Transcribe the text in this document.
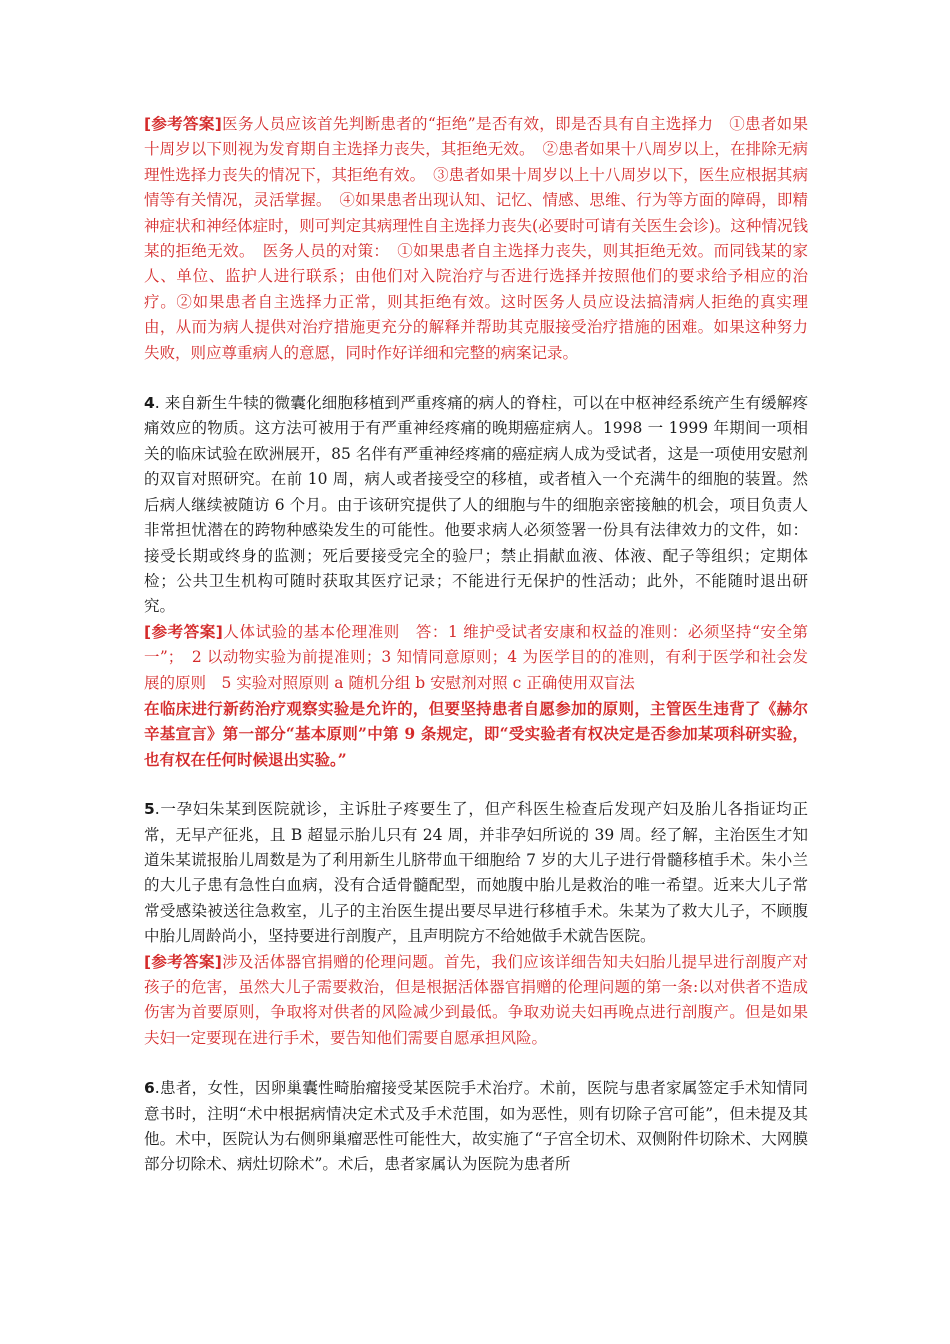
[参考答案]医务人员应该首先判断患者的“拒绝”是否有效，即是否具有自主选择力　①患者如果十周岁以下则视为发育期自主选择力丧失，其拒绝无效。　②患者如果十八周岁以上，在排除无病理性选择力丧失的情况下，其拒绝有效。　③患者如果十周岁以上十八周岁以下，医生应根据其病情等有关情况，灵活掌握。　④如果患者出现认知、记忆、情感、思维、行为等方面的障碍，即精神症状和神经体症时，则可判定其病理性自主选择力丧失(必要时可请有关医生会诊)。这种情况钱某的拒绝无效。　医务人员的对策：　①如果患者自主选择力丧失，则其拒绝无效。而同钱某的家人、单位、监护人进行联系；由他们对入院治疗与否进行选择并按照他们的要求给予相应的治疗。②如果患者自主选择力正常，则其拒绝有效。这时医务人员应设法搞清病人拒绝的真实理由，从而为病人提供对治疗措施更充分的解释并帮助其克服接受治疗措施的困难。如果这种努力失败，则应尊重病人的意愿，同时作好详细和完整的病案记录。

4. 来自新生牛犊的微囊化细胞移植到严重疼痛的病人的脊柱，可以在中枢神经系统产生有缓解疼痛效应的物质。这方法可被用于有严重神经疼痛的晚期癌症病人。1998 一 1999 年期间一项相关的临床试验在欧洲展开，85 名伴有严重神经疼痛的癌症病人成为受试者，这是一项使用安慰剂的双盲对照研究。在前 10 周，病人或者接受空的移植，或者植入一个充满牛的细胞的装置。然后病人继续被随访 6 个月。由于该研究提供了人的细胞与牛的细胞亲密接触的机会，项目负责人非常担忧潜在的跨物种感染发生的可能性。他要求病人必须签署一份具有法律效力的文件，如：接受长期或终身的监测；死后要接受完全的验尸；禁止捐献血液、体液、配子等组织；定期体检；公共卫生机构可随时获取其医疗记录；不能进行无保护的性活动；此外，不能随时退出研究。

[参考答案]人体试验的基本伦理准则　答：1 维护受试者安康和权益的准则：必须坚持“安全第一”；　2 以动物实验为前提准则；3 知情同意原则；4 为医学目的的准则，有利于医学和社会发展的原则　5 实验对照原则 a 随机分组 b 安慰剂对照 c 正确使用双盲法

在临床进行新药治疗观察实验是允许的，但要坚持患者自愿参加的原则，主管医生违背了《赫尔辛基宣言》第一部分“基本原则”中第 9 条规定，即“受实验者有权决定是否参加某项科研实验，也有权在任何时候退出实验。”

5.一孕妇朱某到医院就诊，主诉肚子疼要生了，但产科医生检查后发现产妇及胎儿各指证均正常，无早产征兆，且 B 超显示胎儿只有 24 周，并非孕妇所说的 39 周。经了解，主治医生才知道朱某谎报胎儿周数是为了利用新生儿脐带血干细胞给 7 岁的大儿子进行骨髓移植手术。朱小兰的大儿子患有急性白血病，没有合适骨髓配型，而她腹中胎儿是救治的唯一希望。近来大儿子常常受感染被送往急救室，儿子的主治医生提出要尽早进行移植手术。朱某为了救大儿子，不顾腹中胎儿周龄尚小，坚持要进行剖腹产，且声明院方不给她做手术就告医院。

[参考答案]涉及活体器官捐赠的伦理问题。首先，我们应该详细告知夫妇胎儿提早进行剖腹产对孩子的危害，虽然大儿子需要救治，但是根据活体器官捐赠的伦理问题的第一条:以对供者不造成伤害为首要原则，争取将对供者的风险减少到最低。争取劝说夫妇再晚点进行剖腹产。但是如果夫妇一定要现在进行手术，要告知他们需要自愿承担风险。

6.患者，女性，因卵巢囊性畸胎瘤接受某医院手术治疗。术前，医院与患者家属签定手术知情同意书时，注明“术中根据病情决定术式及手术范围，如为恶性，则有切除子宫可能”，但未提及其他。术中，医院认为右侧卵巢瘤恶性可能性大，故实施了“子宫全切术、双侧附件切除术、大网膜部分切除术、病灶切除术”。术后，患者家属认为医院为患者所
